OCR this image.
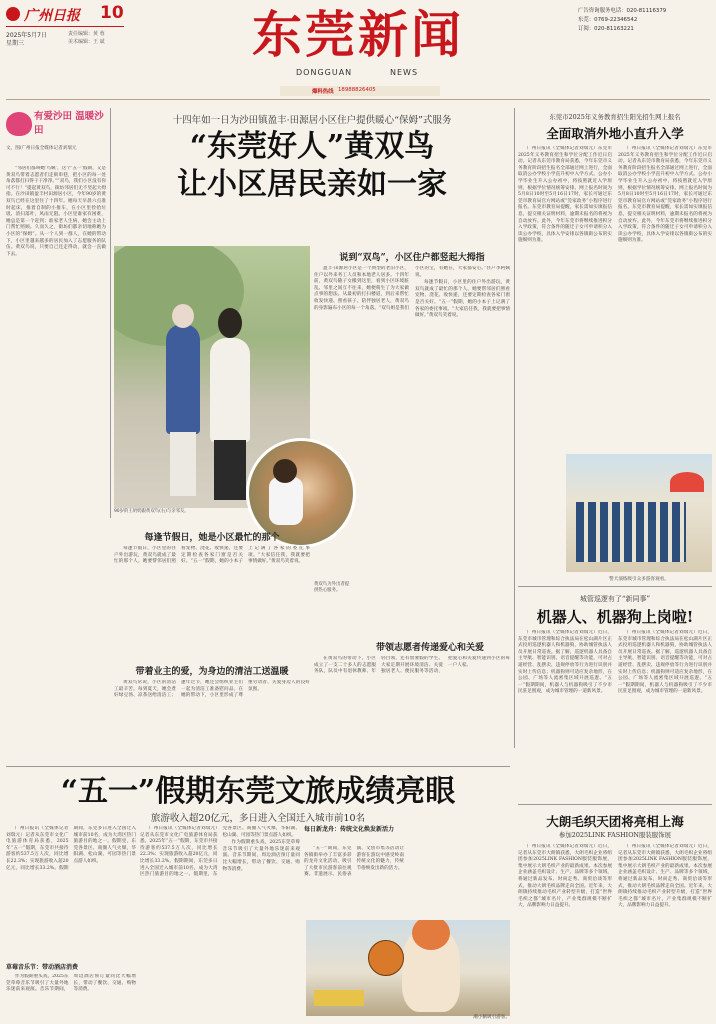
广州日报 10
2025年5月7日
星期三
责任编辑：黄 蓉
美术编辑：王 斌	东莞新闻
DONGGUAN	NEWS
广告咨询服务电话：020-81116379
东莞：0769-22346542
订阅：020-81163221
爆料热线 18988826405
有爱沙田 温暖沙田
文、图/广州日报全媒体记者刘瑞元

“邻居们都叫她‘鸟姨’，这个‘五一’假期，又是黄双鸟带着志愿者们走街串巷，把小区的每一处角落都打扫得干干净净。”“双鸟，我们小区没有你可不行！”提起黄双鸟，街坊邻居们无不竖起大拇指。在沙田镇盈丰村田源居小区，今年90岁的黄双鸟已经在这里住了十四年。她每天早晨六点准时起床，推着自制的小推车，在小区里捡拾垃圾、清扫落叶，风雨无阻。小区里谁家有困难，她总是第一个赶到；谁家老人生病，她会主动上门帮忙照顾。久而久之，街坊们都亲切地称她为小区的“保姆”。从一个人到一群人，在她的带动下，小区里越来越多的居民加入了志愿服务的队伍。黄双鸟说，只要自己还走得动，就会一直做下去。

十四年如一日为沙田镇盈丰·田源居小区住户提供暖心“保姆”式服务
“东莞好人”黄双鸟
让小区居民亲如一家
90岁的王奶奶跟黄双鸟(右)与亲邻友。
黄双鸟为外出者提供热心服务。
说到“双鸟”，小区住户都竖起大拇指

盈丰·田源居小区是一个典型的老旧小区，住户以外来务工人员和本地老人居多。十四年前，黄双鸟随子女搬到这里，看到小区环境脏乱、邻里之间互不往来，她便萌生了为大家做点事的想法。从最初的打扫楼道，到后来帮忙收发快递、照看孩子、陪伴独居老人，黄双鸟的身影遍布小区的每一个角落。“双鸟姐是我们小区的宝，有她在，大家都安心。”住户李阿姨说。

每逢节假日，小区里的住户外出游玩，黄双鸟就成了最忙的那个人。她要帮邻居们照看宠物、浇花、收快递，还要定期检查各家门窗是否关好。“五一”假期，她的小本子上记满了各家的委托事项。“大家信任我，我就要把事情做好。”黄双鸟笑着说。

每逢节假日，她是小区最忙的那个

每逢节假日，小区里的住户外出游玩，黄双鸟就成了最忙的那个人。她要帮邻居们照看宠物、浇花、收快递，还要定期检查各家门窗是否关好。“五一”假期，她的小本子上记满了各家的委托事项。“大家信任我，我就要把事情做好。”黄双鸟笑着说。

带领志愿者传递爱心和关爱

在黄双鸟的带动下，小区成立了一支二十多人的志愿服务队，队员中有退休教师、年轻白领，还有放暑假的学生。大家定期开展环境清洁、关爱独居老人、便民服务等活动，把爱心和关爱传递到小区的每一户人家。

带着业主的爱，为身边的清洁工送温暖

黄双鸟常说，小区的清洁工最辛苦。每到夏天，她会煮好绿豆汤、凉茶送给清洁工；逢年过节，她还会组织业主们一起为清洁工准备慰问品。在她的带动下，小区里形成了尊重劳动者、关爱身边人的良好氛围。

东莞市2025年义务教育招生阳光招生网上报名
全面取消外地小直升入学

广州日报讯（全媒体记者刘瑞元）东莞市2025年义务教育招生和学位分配工作近日启动。记者从东莞市教育局获悉，今年东莞市义务教育阶段招生报名全部通过网上进行，全面取消公办学校小学直升初中入学方式。公办小学毕业生升入公办初中，将按照就近入学原则，根据学位情况统筹安排。网上报名时间为5月8日10时至5月16日17时，家长可通过东莞市教育局官方网站或“莞家政务”小程序进行报名。东莞市教育局提醒，家长需如实填报信息，提交相关证明材料，逾期未报名的将视为自动放弃。此外，今年东莞市将继续推进积分入学政策，符合条件的随迁子女可申请积分入读公办学校，具体入学安排以各镇街公布的实施细则为准。

广州日报讯（全媒体记者刘瑞元）东莞市2025年义务教育招生和学位分配工作近日启动。记者从东莞市教育局获悉，今年东莞市义务教育阶段招生报名全部通过网上进行，全面取消公办学校小学直升初中入学方式。公办小学毕业生升入公办初中，将按照就近入学原则，根据学位情况统筹安排。网上报名时间为5月8日10时至5月16日17时，家长可通过东莞市教育局官方网站或“莞家政务”小程序进行报名。东莞市教育局提醒，家长需如实填报信息，提交相关证明材料，逾期未报名的将视为自动放弃。此外，今年东莞市将继续推进积分入学政策，符合条件的随迁子女可申请积分入读公办学校，具体入学安排以各镇街公布的实施细则为准。

警犬演练吸引众多游客观看。
城管巡逻有了“新同事”
机器人、机器狗上岗啦!

广州日报讯（全媒体记者刘瑞元）近日，东莞市城市管理和综合执法局在松山湖片区正式投用巡逻机器人和机器狗，协助城管执法人员开展日常巡查。据了解，巡逻机器人具备自主导航、智能识别、语音提醒等功能，可对占道经营、乱摆卖、违规停放等行为进行识别并实时上传信息；机器狗则可适应复杂地形，在公园、广场等人流密集区域开展巡逻。“五一”假期期间，机器人与机器狗吸引了不少市民驻足围观，成为城市管理的一道新风景。

广州日报讯（全媒体记者刘瑞元）近日，东莞市城市管理和综合执法局在松山湖片区正式投用巡逻机器人和机器狗，协助城管执法人员开展日常巡查。据了解，巡逻机器人具备自主导航、智能识别、语音提醒等功能，可对占道经营、乱摆卖、违规停放等行为进行识别并实时上传信息；机器狗则可适应复杂地形，在公园、广场等人流密集区域开展巡逻。“五一”假期期间，机器人与机器狗吸引了不少市民驻足围观，成为城市管理的一道新风景。

“五一”假期东莞文旅成绩亮眼
旅游收入超20亿元，多日进入全国迁入城市前10名

广州日报讯（全媒体记者刘瑞元）记者从东莞市文化广电旅游体育局获悉，2025年“五一”假期，东莞市共接待游客约537.5万人次，同比增长22.3%；实现旅游收入超20亿元，同比增长33.2%。假期期间，东莞多日进入全国迁入城市前10名，成为大湾区热门旅游目的地之一。假期里，东莞各景区、商圈人气火爆，华阳湖、松山湖、可园等热门景点游人如织。

草莓音乐节：带动酒店消费

作为假期重头戏，2025东莞草莓音乐节吸引了大量外地乐迷前来观演。音乐节期间，周边酒店预订量同比大幅增长，带动了餐饮、交通、购物等消费。

广州日报讯（全媒体记者刘瑞元）记者从东莞市文化广电旅游体育局获悉，2025年“五一”假期，东莞市共接待游客约537.5万人次，同比增长22.3%；实现旅游收入超20亿元，同比增长33.2%。假期期间，东莞多日进入全国迁入城市前10名，成为大湾区热门旅游目的地之一。假期里，东莞各景区、商圈人气火爆，华阳湖、松山湖、可园等热门景点游人如织。

作为假期重头戏，2025东莞草莓音乐节吸引了大量外地乐迷前来观演。音乐节期间，周边酒店预订量同比大幅增长，带动了餐饮、交通、购物等消费。

每日新龙舟：传统文化焕发新活力

“五一”期间，东莞各镇街举办了丰富多彩的龙舟文化活动，吸引了大批市民游客前往观赛。非遗展示、民俗表演、文创市集等活动让游客在游玩中感受岭南传统文化的魅力，传统节俗焕发出新的活力。

潮小鹅吸引游客。
大朗毛织天团将亮相上海
参加2025LINK FASHION服装服饰展

广州日报讯（全媒体记者刘瑞元）近日，记者从东莞市大朗镇获悉，大朗毛织企业将组团参加2025LINK FASHION服装服饰展，集中展示大朗毛织产业的最新成果。本次参展企业涵盖毛织设计、生产、品牌等多个领域，将通过新品发布、时尚走秀、商贸洽谈等形式，推动大朗毛织品牌走向全国。近年来，大朗镇持续推动毛织产业转型升级，打造“世界毛织之都”城市名片，产业集群规模不断扩大，品牌影响力日益提升。

广州日报讯（全媒体记者刘瑞元）近日，记者从东莞市大朗镇获悉，大朗毛织企业将组团参加2025LINK FASHION服装服饰展，集中展示大朗毛织产业的最新成果。本次参展企业涵盖毛织设计、生产、品牌等多个领域，将通过新品发布、时尚走秀、商贸洽谈等形式，推动大朗毛织品牌走向全国。近年来，大朗镇持续推动毛织产业转型升级，打造“世界毛织之都”城市名片，产业集群规模不断扩大，品牌影响力日益提升。
